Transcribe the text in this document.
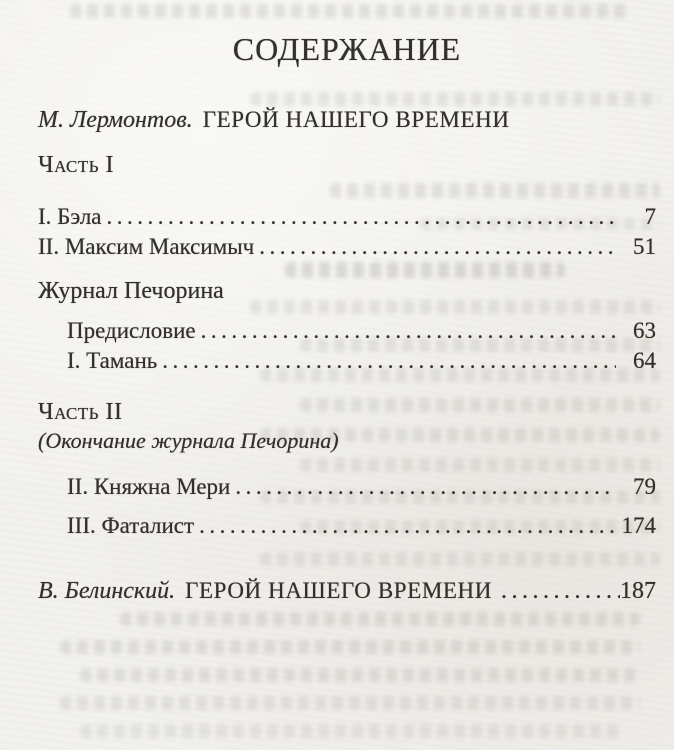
СОДЕРЖАНИЕ
М. Лермонтов. ГЕРОЙ НАШЕГО ВРЕМЕНИ
Часть I
I. Бэла .....	7
II. Максим Максимыч .....	51
Журнал Печорина
Предисловие .....	63
I. Тамань .....	64
Часть II
(Окончание журнала Печорина)
II. Княжна Мери .....	79
III. Фаталист .....	174
В. Белинский. ГЕРОЙ НАШЕГО ВРЕМЕНИ .....	187
